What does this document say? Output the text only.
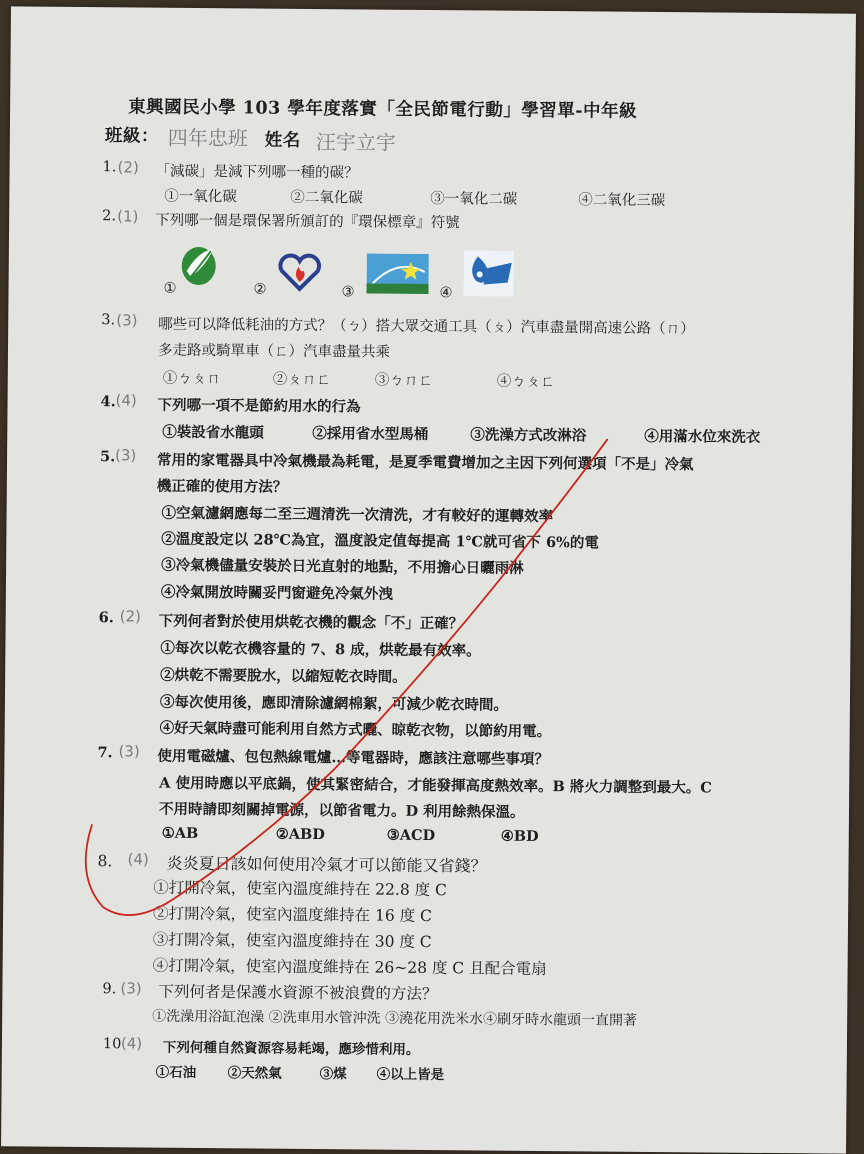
東興國民小學 103 學年度落實「全民節電行動」學習單-中年級
班級： 四年忠班 姓名 汪宇立宇
1. (2) 「減碳」是減下列哪一種的碳？
①一氧化碳	②二氧化碳	③一氧化二碳	④二氧化三碳
2. (1) 下列哪一個是環保署所頒訂的『環保標章』符號
①	②	③	④
3. (3) 哪些可以降低耗油的方式？（ㄅ）搭大眾交通工具（ㄆ）汽車盡量開高速公路（ㄇ）
多走路或騎單車（ㄈ）汽車盡量共乘
①ㄅㄆㄇ	②ㄆㄇㄈ	③ㄅㄇㄈ	④ㄅㄆㄈ
4. (4) 下列哪一項不是節約用水的行為
①裝設省水龍頭	②採用省水型馬桶	③洗澡方式改淋浴	④用滿水位來洗衣
5. (3) 常用的家電器具中冷氣機最為耗電，是夏季電費增加之主因下列何選項「不是」冷氣
機正確的使用方法？
①空氣濾網應每二至三週清洗一次清洗，才有較好的運轉效率
②溫度設定以 28℃為宜，溫度設定值每提高 1℃就可省下 6%的電
③冷氣機儘量安裝於日光直射的地點，不用擔心日曬雨淋
④冷氣開放時關妥門窗避免冷氣外洩
6. (2) 下列何者對於使用烘乾衣機的觀念「不」正確？
①每次以乾衣機容量的 7、8 成，烘乾最有效率。
②烘乾不需要脫水，以縮短乾衣時間。
③每次使用後，應即清除濾網棉絮，可減少乾衣時間。
④好天氣時盡可能利用自然方式曬、晾乾衣物，以節約用電。
7. (3) 使用電磁爐、包包熱線電爐…等電器時，應該注意哪些事項？
A 使用時應以平底鍋，使其緊密結合，才能發揮高度熱效率。B 將火力調整到最大。C
不用時請即刻關掉電源，以節省電力。D 利用餘熱保溫。
①AB	②ABD	③ACD	④BD
8. (4) 炎炎夏日該如何使用冷氣才可以節能又省錢？
①打開冷氣，使室內溫度維持在 22.8 度 C
②打開冷氣，使室內溫度維持在 16 度 C
③打開冷氣，使室內溫度維持在 30 度 C
④打開冷氣，使室內溫度維持在 26~28 度 C 且配合電扇
9. (3) 下列何者是保護水資源不被浪費的方法？
①洗澡用浴缸泡澡 ②洗車用水管沖洗 ③澆花用洗米水④刷牙時水龍頭一直開著
10 (4) 下列何種自然資源容易耗竭，應珍惜利用。
①石油 ②天然氣	③煤 ④以上皆是
